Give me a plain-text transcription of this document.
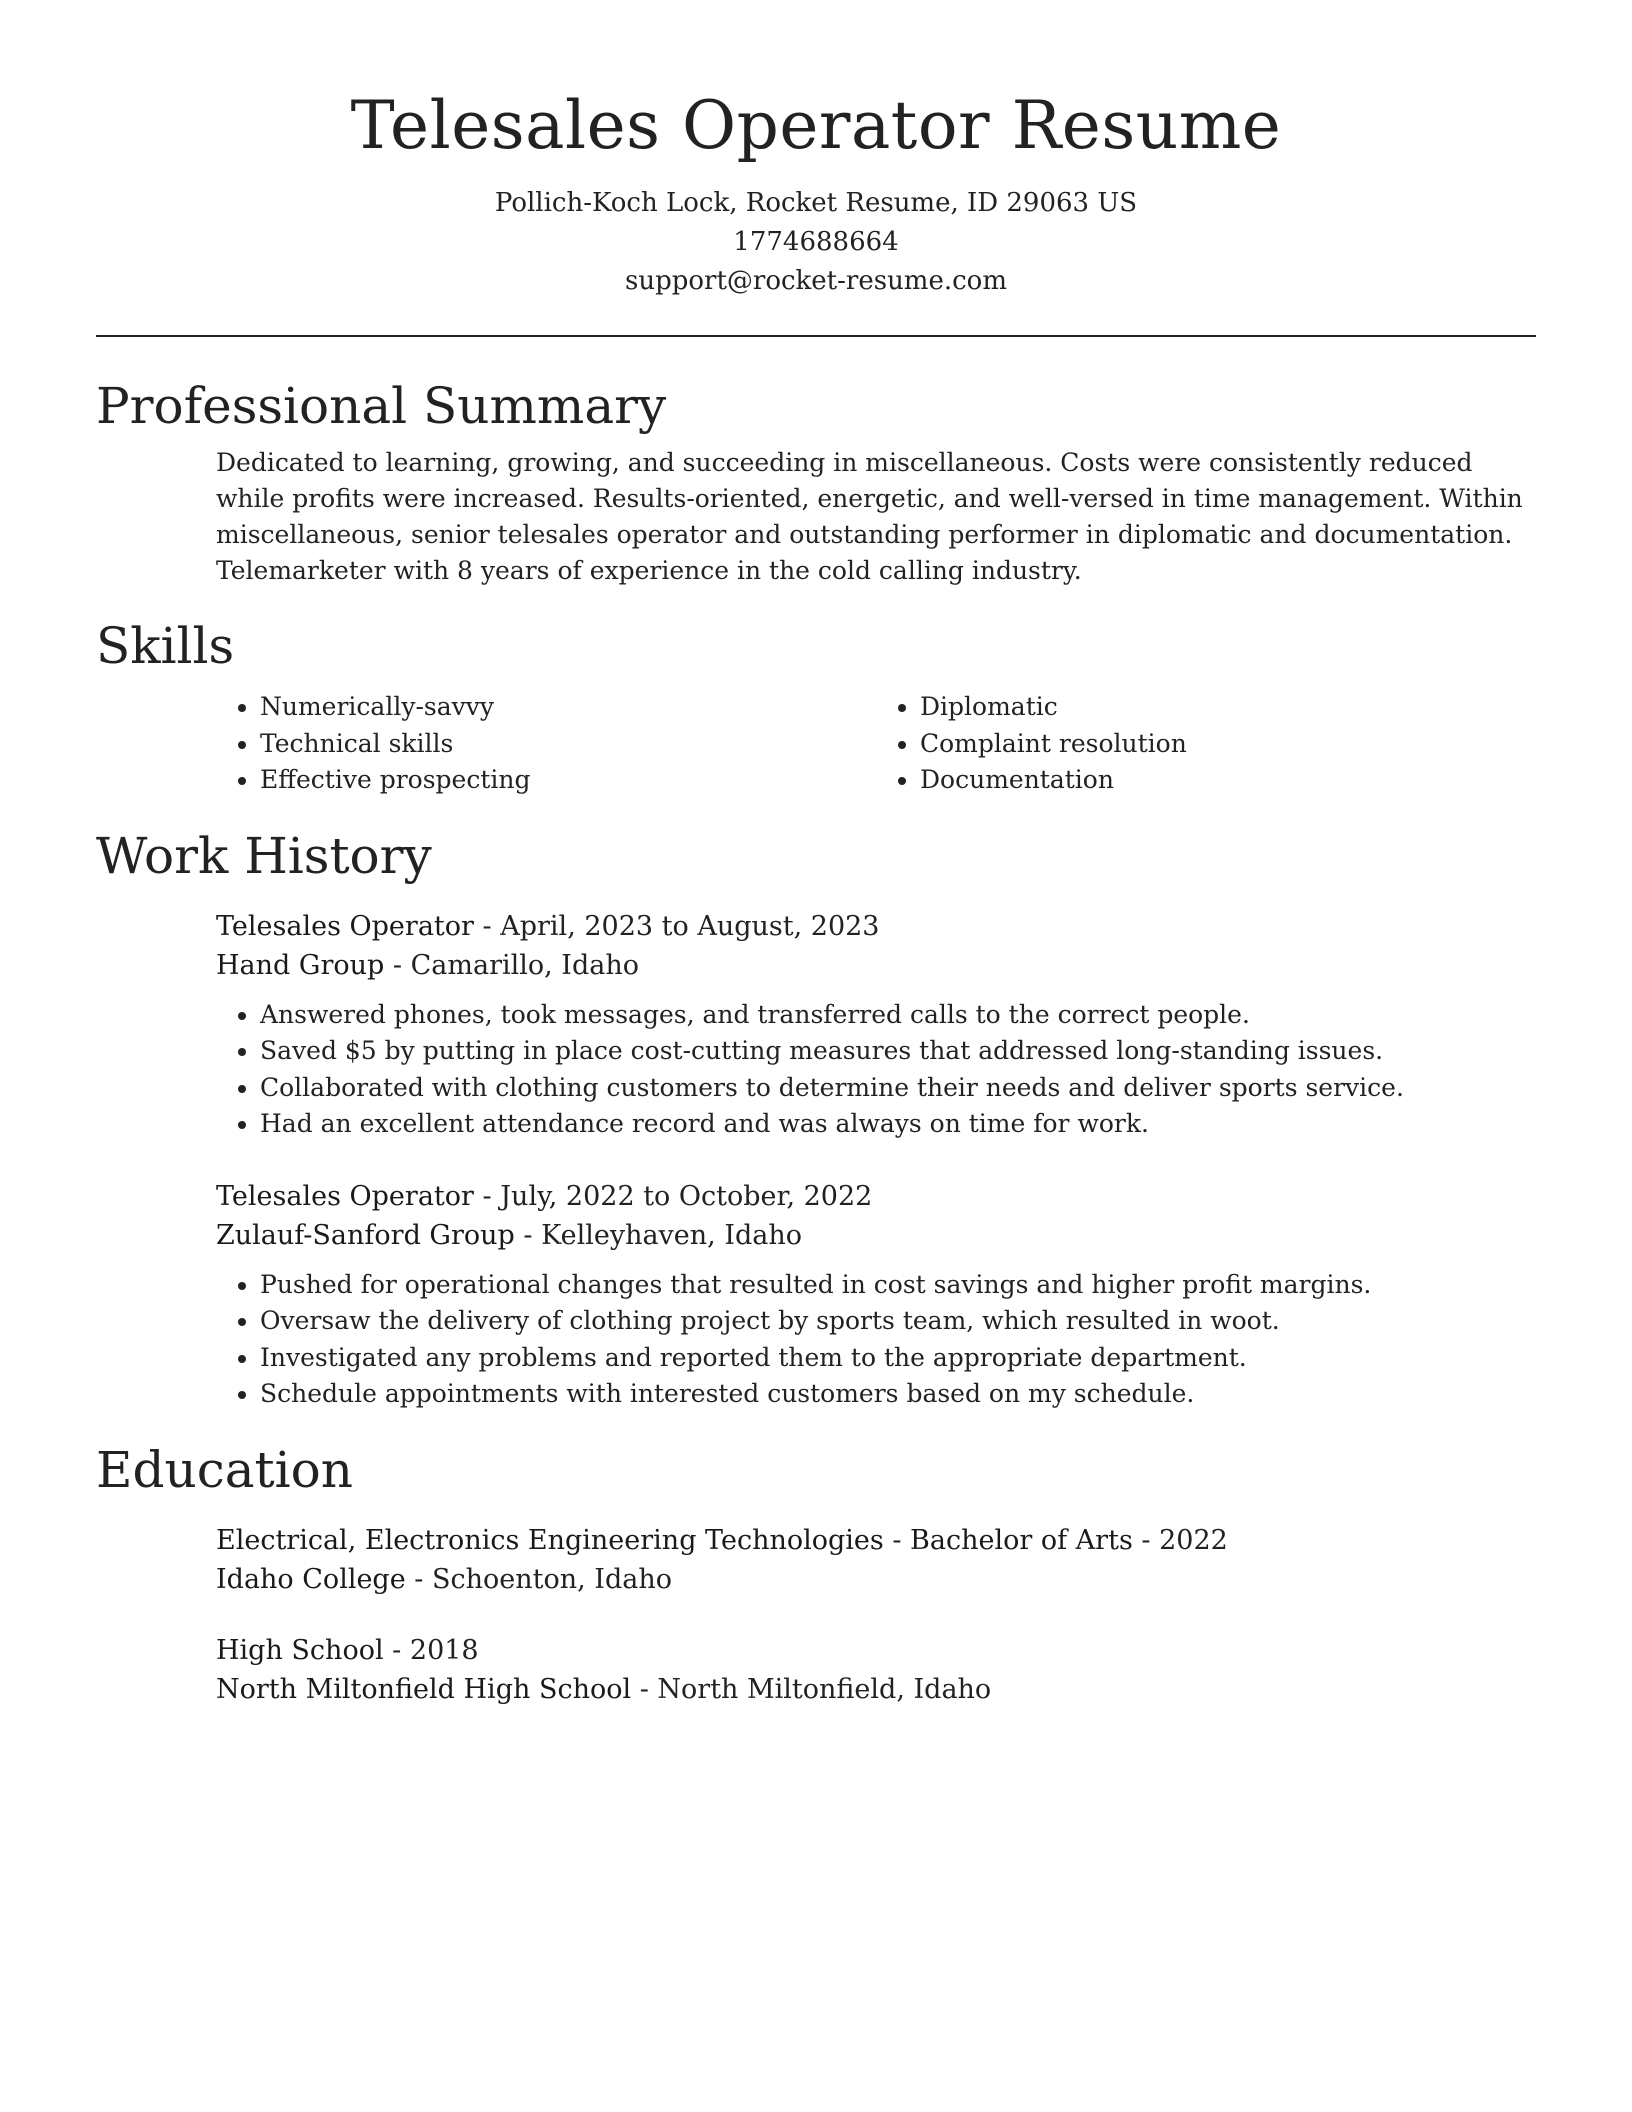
Telesales Operator Resume
Pollich-Koch Lock, Rocket Resume, ID 29063 US
1774688664
support@rocket-resume.com
Professional Summary

Dedicated to learning, growing, and succeeding in miscellaneous. Costs were consistently reduced while profits were increased. Results-oriented, energetic, and well-versed in time management. Within miscellaneous, senior telesales operator and outstanding performer in diplomatic and documentation. Telemarketer with 8 years of experience in the cold calling industry.

Skills
• Numerically-savvy
• Technical skills
• Effective prospecting
• Diplomatic
• Complaint resolution
• Documentation
Work History
Telesales Operator - April, 2023 to August, 2023
Hand Group - Camarillo, Idaho
• Answered phones, took messages, and transferred calls to the correct people.
• Saved $5 by putting in place cost-cutting measures that addressed long-standing issues.
• Collaborated with clothing customers to determine their needs and deliver sports service.
• Had an excellent attendance record and was always on time for work.
Telesales Operator - July, 2022 to October, 2022
Zulauf-Sanford Group - Kelleyhaven, Idaho
• Pushed for operational changes that resulted in cost savings and higher profit margins.
• Oversaw the delivery of clothing project by sports team, which resulted in woot.
• Investigated any problems and reported them to the appropriate department.
• Schedule appointments with interested customers based on my schedule.
Education
Electrical, Electronics Engineering Technologies - Bachelor of Arts - 2022
Idaho College - Schoenton, Idaho
High School - 2018
North Miltonfield High School - North Miltonfield, Idaho
